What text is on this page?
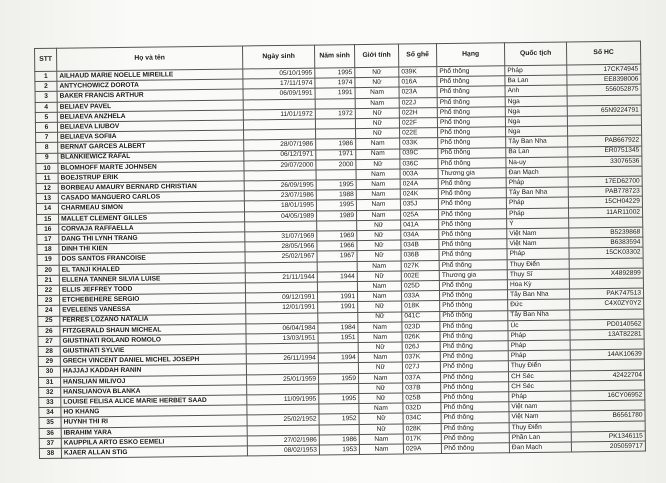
STT	Họ và tên	Ngày sinh	Năm sinh	Giới tính	Số ghế	Hạng	Quốc tịch	Số HC
1	AILHAUD MARIE NOELLE MIREILLE	05/10/1995	1995	Nữ	039K	Phổ thông	Pháp	17CK74945
2	ANTYCHOWICZ DOROTA	17/11/1974	1974	Nữ	016A	Phổ thông	Ba Lan	EE8398006
3	BAKER FRANCIS ARTHUR	06/09/1991	1991	Nam	023A	Phổ thông	Anh	556052875
4	BELIAEV PAVEL			Nam	022J	Phổ thông	Nga	
5	BELIAEVA ANZHELA	11/01/1972	1972	Nữ	022H	Phổ thông	Nga	65N9224791
6	BELIAEVA LIUBOV			Nữ	022F	Phổ thông	Nga	
7	BELIAEVA SOFIIA			Nữ	022E	Phổ thông	Nga	
8	BERNAT GARCES ALBERT	28/07/1986	1986	Nam	033K	Phổ thông	Tây Ban Nha	PAB667922
9	BLANKIEWICZ RAFAL	06/12/1971	1971	Nam	039C	Phổ thông	Ba Lan	ER0751345
10	BLOMHOFF MARTE JOHNSEN	29/07/2000	2000	Nữ	036C	Phổ thông	Na-uy	33076536
11	BOEJSTRUP ERIK			Nam	003A	Thương gia	Đan Mạch	
12	BORBEAU AMAURY BERNARD CHRISTIAN	26/09/1995	1995	Nam	024A	Phổ thông	Pháp	17ED62700
13	CASADO MANGUERO CARLOS	23/07/1986	1988	Nam	024K	Phổ thông	Tây Ban Nha	PAB778723
14	CHARMEAU SIMON	18/01/1995	1995	Nam	035J	Phổ thông	Pháp	15CH04229
15	MALLET CLEMENT GILLES	04/05/1989	1989	Nam	025A	Phổ thông	Pháp	11AR11002
16	CORVAJA RAFFAELLA			Nữ	041A	Phổ thông	Ý	
17	DANG THI LYNH TRANG	31/07/1969	1969	Nữ	034A	Phổ thông	Việt Nam	B5239868
18	DINH THI KIEN	28/05/1966	1966	Nữ	034B	Phổ thông	Việt Nam	B6383594
19	DOS SANTOS FRANCOISE	25/02/1967	1967	Nữ	036B	Phổ thông	Pháp	15CK03302
20	EL TANJI KHALED			Nam	027K	Phổ thông	Thụy Điển	
21	ELLENA TANNER SILVIA LUISE	21/11/1944	1944	Nữ	002E	Thương gia	Thụy Sĩ	X4892899
22	ELLIS JEFFREY TODD			Nam	025D	Phổ thông	Hoa Kỳ	
23	ETCHEBEHERE SERGIO	09/12/1991	1991	Nam	033A	Phổ thông	Tây Ban Nha	PAK747513
24	EVELEENS VANESSA	12/01/1991	1991	Nữ	018K	Phổ thông	Đức	C4X0ZY0Y2
25	FERRES LOZANO NATALIA			Nữ	041C	Phổ thông	Tây Ban Nha	
26	FITZGERALD SHAUN MICHEAL	06/04/1984	1984	Nam	023D	Phổ thông	Úc	PD0140562
27	GIUSTINATI ROLAND ROMOLO	13/03/1951	1951	Nam	026K	Phổ thông	Pháp	13AT82281
28	GIUSTINATI SYLVIE			Nữ	026J	Phổ thông	Pháp	
29	GRECH VINCENT DANIEL MICHEL JOSEPH	26/11/1994	1994	Nam	037K	Phổ thông	Pháp	14AK10639
30	HAJJAJ KADDAH RANIN			Nữ	027J	Phổ thông	Thụy Điển	
31	HANSLIAN MILIVOJ	25/01/1959	1959	Nam	037A	Phổ thông	CH Séc	42422704
32	HANSLIANOVA BLANKA			Nữ	037B	Phổ thông	CH Séc	
33	LOUISE FELISA ALICE MARIE HERBET SAAD	11/09/1995	1995	Nữ	025B	Phổ thông	Pháp	16CY06952
34	HO KHANG			Nam	032D	Phổ thông	Việt nam	
35	HUYNH THI RI	25/02/1952	1952	Nữ	034C	Phổ thông	Việt Nam	B6561780
36	IBRAHIM YARA			Nữ	028K	Phổ thông	Thụy Điển	
37	KAUPPILA ARTO ESKO EEMELI	27/02/1986	1986	Nam	017K	Phổ thông	Phần Lan	PK1346115
38	KJAER ALLAN STIG	08/02/1953	1953	Nam	029A	Phổ thông	Đan Mạch	205059717
